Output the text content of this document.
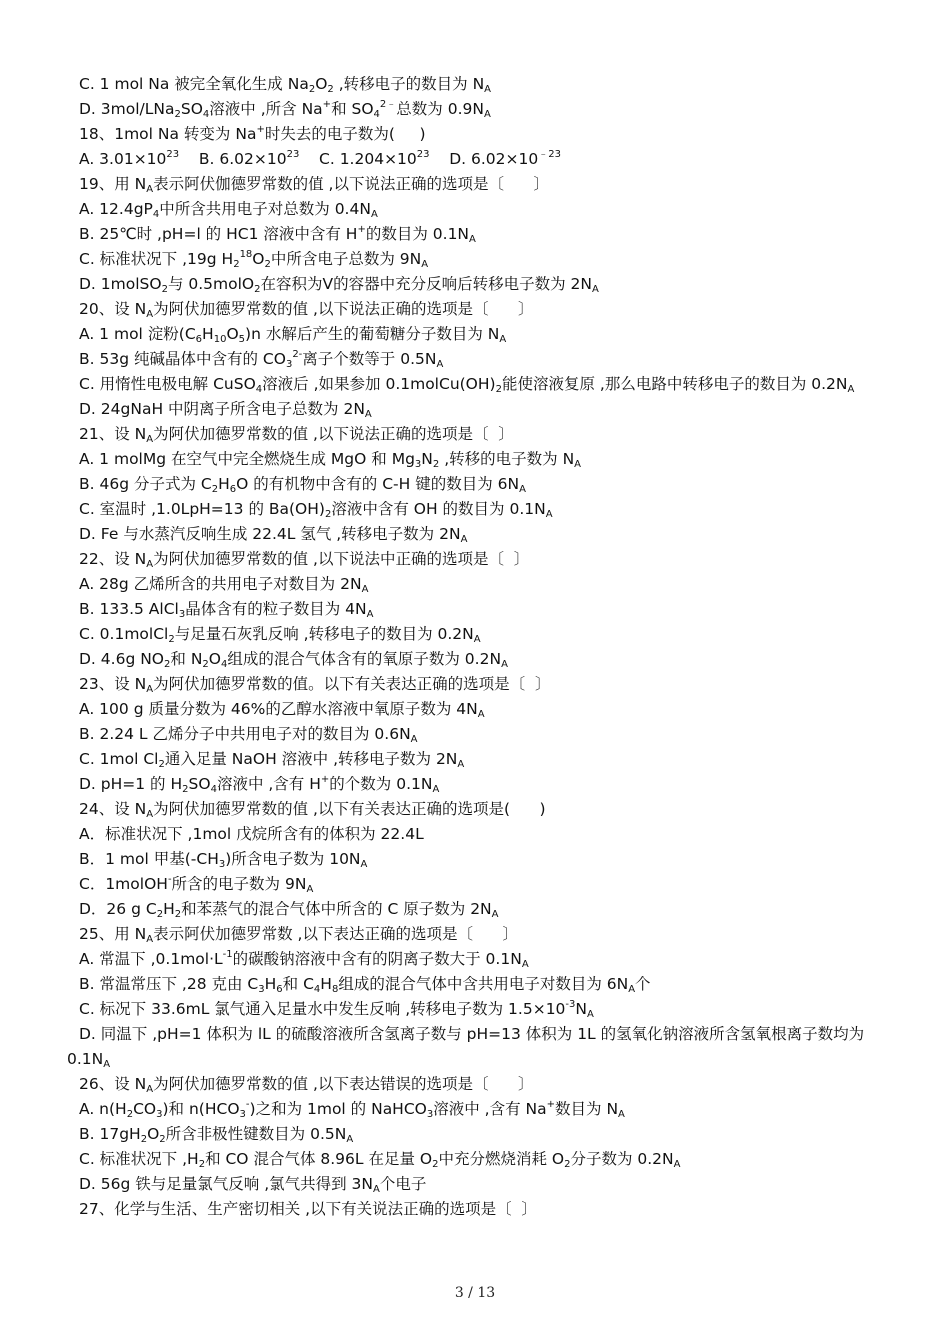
C. 1 mol Na 被完全氧化生成 $Na_2O_2$ ,转移电子的数目为 $N_A$
D. $3mol/LNa_2SO_4$溶液中 ,所含 Na+和 $SO_4^{2﹣}$总数为 $0.9N_A$
18、1mol Na 转变为 Na+时失去的电子数为(     )
A. $3.01\times 10^{23}$    B. $6.02\times 10^{23}$    C. $1.204\times 10^{23}$    D. $6.02\times 10^{﹣23}$
19、用 $N_A$表示阿伏伽德罗常数的值 ,以下说法正确的选项是〔      〕
A. $12.4gP_4$中所含共用电子对总数为 $0.4N_A$
B. 25℃时 ,pH=l 的 HC1 溶液中含有 H+的数目为 $0.1N_A$
C. 标准状况下 ,19g $H_2^{18}O_2$中所含电子总数为 $9N_A$
D. 1molSO$_2$与 0.5molO$_2$在容积为Ⅴ的容器中充分反响后转移电子数为 $2N_A$
20、设 $N_A$为阿伏加德罗常数的值 ,以下说法正确的选项是〔      〕
A. 1 mol 淀粉$(C_6H_{10}O_5)n$ 水解后产生的葡萄糖分子数目为 $N_A$
B. 53g 纯碱晶体中含有的 $CO_3^{2-}$离子个数等于 $0.5N_A$
C. 用惰性电极电解 CuSO$_4$溶液后 ,如果参加 $0.1molCu(OH)_2$能使溶液复原 ,那么电路中转移电子的数目为 $0.2N_A$
D. 24gNaH 中阴离子所含电子总数为 $2N_A$
21、设 $N_A$为阿伏加德罗常数的值 ,以下说法正确的选项是〔  〕
A. 1 molMg 在空气中完全燃烧生成 MgO 和 $Mg_3N_2$ ,转移的电子数为 $N_A$
B. 46g 分子式为 $C_2H_6O$ 的有机物中含有的 C-H 键的数目为 $6N_A$
C. 室温时 ,1.0LpH=13 的 $Ba(OH)_2$溶液中含有 OH 的数目为 $0.1N_A$
D. Fe 与水蒸汽反响生成 22.4L 氢气 ,转移电子数为 $2N_A$
22、设 $N_A$为阿伏加德罗常数的值 ,以下说法中正确的选项是〔  〕
A. 28g 乙烯所含的共用电子对数目为 $2N_A$
B. 133.5 AlCl$_3$晶体含有的粒子数目为 $4N_A$
C. 0.1molCl$_2$与足量石灰乳反响 ,转移电子的数目为 $0.2N_A$
D. 4.6g $NO_2$和 $N_2O_4$组成的混合气体含有的氧原子数为 $0.2N_A$
23、设 $N_A$为阿伏加德罗常数的值。以下有关表达正确的选项是〔  〕
A. 100 g 质量分数为 46%的乙醇水溶液中氧原子数为 $4N_A$
B. 2.24 L 乙烯分子中共用电子对的数目为 $0.6N_A$
C. 1mol $Cl_2$通入足量 NaOH 溶液中 ,转移电子数为 $2N_A$
D. pH=1 的 $H_2SO_4$溶液中 ,含有 H+的个数为 $0.1N_A$
24、设 $N_A$为阿伏加德罗常数的值 ,以下有关表达正确的选项是(      )
A．标准状况下 ,1mol 戊烷所含有的体积为 22.4L
B．1 mol 甲基$(-CH_3)$所含电子数为 $10N_A$
C．1molOH-所含的电子数为 $9N_A$
D．26 g $C_2H_2$和苯蒸气的混合气体中所含的 C 原子数为 $2N_A$
25、用 $N_A$表示阿伏加德罗常数 ,以下表达正确的选项是〔      〕
A. 常温下 $,0.1mol\cdot L^{-1}$的碳酸钠溶液中含有的阴离子数大于 $0.1N_A$
B. 常温常压下 ,28 克由 $C_3H_6$和 $C_4H_8$组成的混合气体中含共用电子对数目为 $6N_A$个
C. 标况下 33.6mL 氯气通入足量水中发生反响 ,转移电子数为 $1.5\times 10^{-3}N_A$
D. 同温下 ,pH=1 体积为 lL 的硫酸溶液所含氢离子数与 pH=13 体积为 1L 的氢氧化钠溶液所含氢氧根离子数均为 $0.1N_A$
26、设 $N_A$为阿伏加德罗常数的值 ,以下表达错误的选项是〔      〕
A. $n(H_2CO_3)$和 $n(HCO_3^-)$之和为 1mol 的 NaHCO$_3$溶液中 ,含有 Na+数目为 $N_A$
B. $17gH_2O_2$所含非极性键数目为 $0.5N_A$
C. 标准状况下 $,H_2$和 CO 混合气体 8.96L 在足量 $O_2$中充分燃烧消耗 $O_2$分子数为 $0.2N_A$
D. 56g 铁与足量氯气反响 ,氯气共得到 $3N_A$个电子
27、化学与生活、生产密切相关 ,以下有关说法正确的选项是〔  〕
3 / 13
